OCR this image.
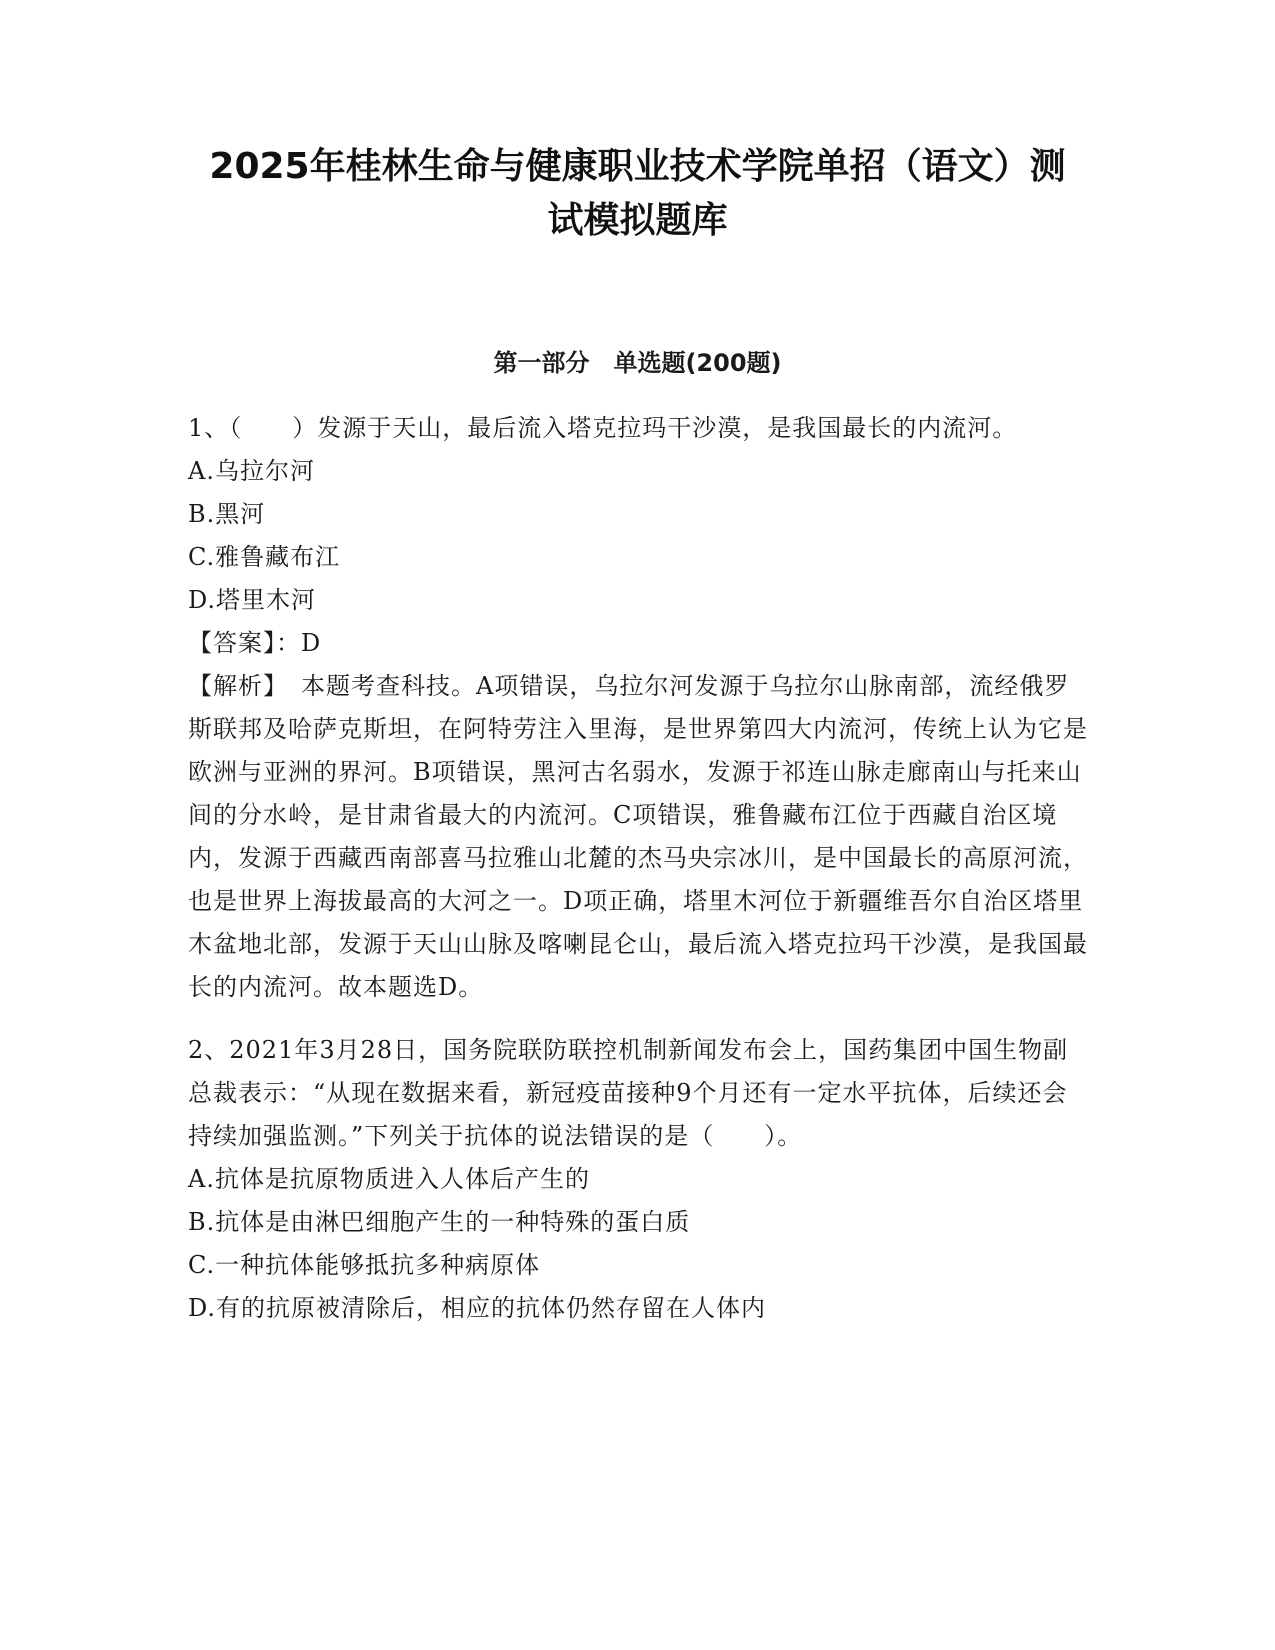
2025年桂林生命与健康职业技术学院单招（语文）测
试模拟题库
第一部分　单选题(200题)

1、（　　）发源于天山，最后流入塔克拉玛干沙漠，是我国最长的内流河。

A.乌拉尔河

B.黑河

C.雅鲁藏布江

D.塔里木河

【答案】：D

【解析】　本题考查科技。A项错误，乌拉尔河发源于乌拉尔山脉南部，流经俄罗斯联邦及哈萨克斯坦，在阿特劳注入里海，是世界第四大内流河，传统上认为它是欧洲与亚洲的界河。B项错误，黑河古名弱水，发源于祁连山脉走廊南山与托来山间的分水岭，是甘肃省最大的内流河。C项错误，雅鲁藏布江位于西藏自治区境内，发源于西藏西南部喜马拉雅山北麓的杰马央宗冰川，是中国最长的高原河流，也是世界上海拔最高的大河之一。D项正确，塔里木河位于新疆维吾尔自治区塔里木盆地北部，发源于天山山脉及喀喇昆仑山，最后流入塔克拉玛干沙漠，是我国最长的内流河。故本题选D。

2、2021年3月28日，国务院联防联控机制新闻发布会上，国药集团中国生物副总裁表示：“从现在数据来看，新冠疫苗接种9个月还有一定水平抗体，后续还会持续加强监测。”下列关于抗体的说法错误的是（　　）。

A.抗体是抗原物质进入人体后产生的

B.抗体是由淋巴细胞产生的一种特殊的蛋白质

C.一种抗体能够抵抗多种病原体

D.有的抗原被清除后，相应的抗体仍然存留在人体内
